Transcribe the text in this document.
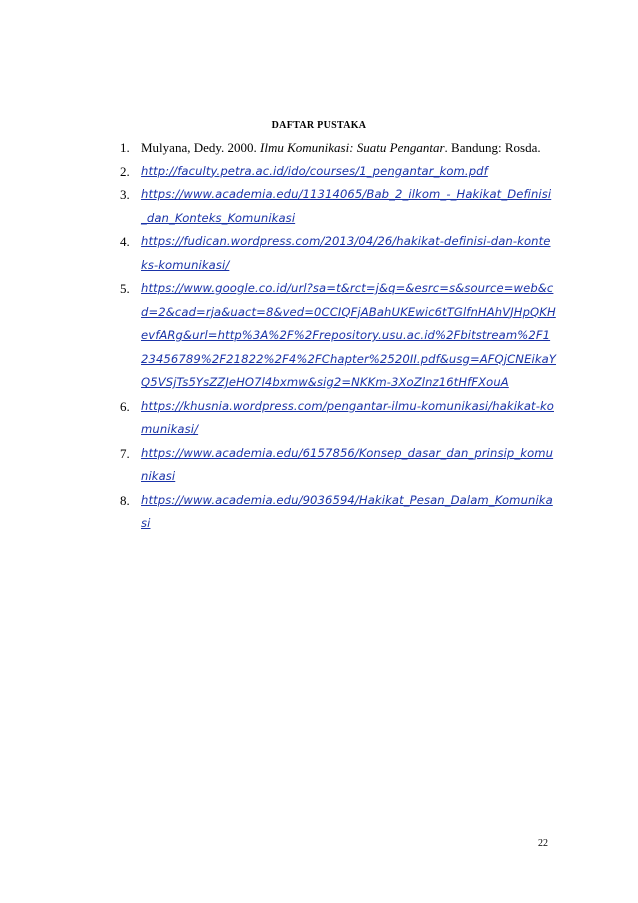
DAFTAR PUSTAKA
1. Mulyana, Dedy. 2000. Ilmu Komunikasi: Suatu Pengantar. Bandung: Rosda.
2. http://faculty.petra.ac.id/ido/courses/1_pengantar_kom.pdf
3. https://www.academia.edu/11314065/Bab_2_ilkom_-_Hakikat_Definisi_dan_Konteks_Komunikasi
4. https://fudican.wordpress.com/2013/04/26/hakikat-definisi-dan-konteks-komunikasi/
5. https://www.google.co.id/url?sa=t&rct=j&q=&esrc=s&source=web&cd=2&cad=rja&uact=8&ved=0CCIQFjABahUKEwic6tTGlfnHAhVJHpQKHevfARg&url=http%3A%2F%2Frepository.usu.ac.id%2Fbitstream%2F123456789%2F21822%2F4%2FChapter%2520II.pdf&usg=AFQjCNEikaYQ5VSjTs5YsZZJeHO7l4bxmw&sig2=NKKm-3XoZlnz16tHfFXouA
6. https://khusnia.wordpress.com/pengantar-ilmu-komunikasi/hakikat-komunikasi/
7. https://www.academia.edu/6157856/Konsep_dasar_dan_prinsip_komunikasi
8. https://www.academia.edu/9036594/Hakikat_Pesan_Dalam_Komunikasi
22
